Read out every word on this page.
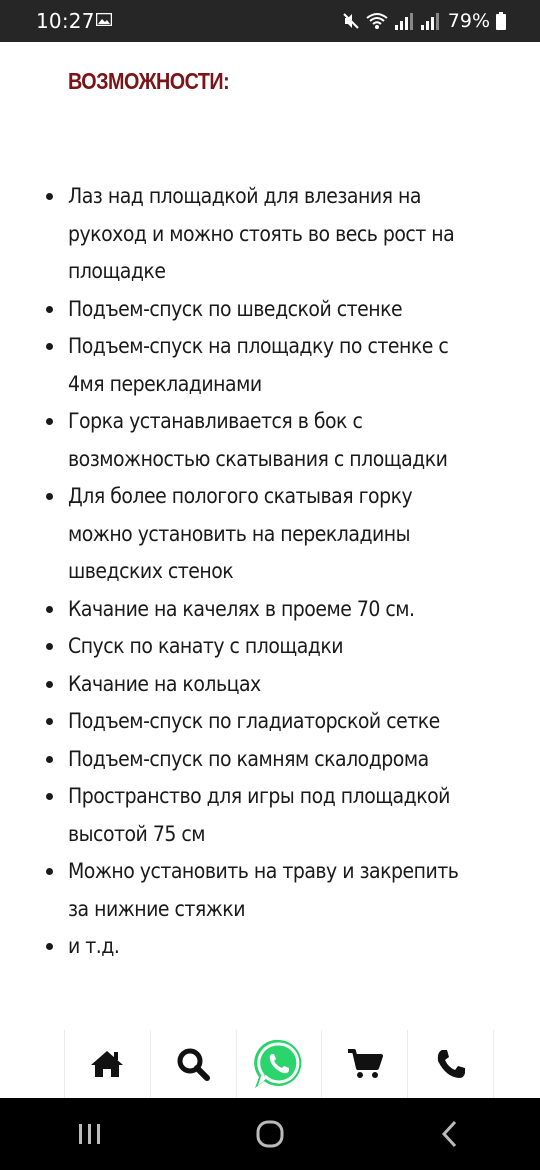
10:27	79%
ВОЗМОЖНОСТИ:
Лаз над площадкой для влезания на рукоход и можно стоять во весь рост на площадке
Подъем-спуск по шведской стенке
Подъем-спуск на площадку по стенке с 4мя перекладинами
Горка устанавливается в бок с возможностью скатывания с площадки
Для более пологого скатывая горку можно установить на перекладины шведских стенок
Качание на качелях в проеме 70 см.
Спуск по канату с площадки
Качание на кольцах
Подъем-спуск по гладиаторской сетке
Подъем-спуск по камням скалодрома
Пространство для игры под площадкой высотой 75 см
Можно установить на траву и закрепить за нижние стяжки
и т.д.
